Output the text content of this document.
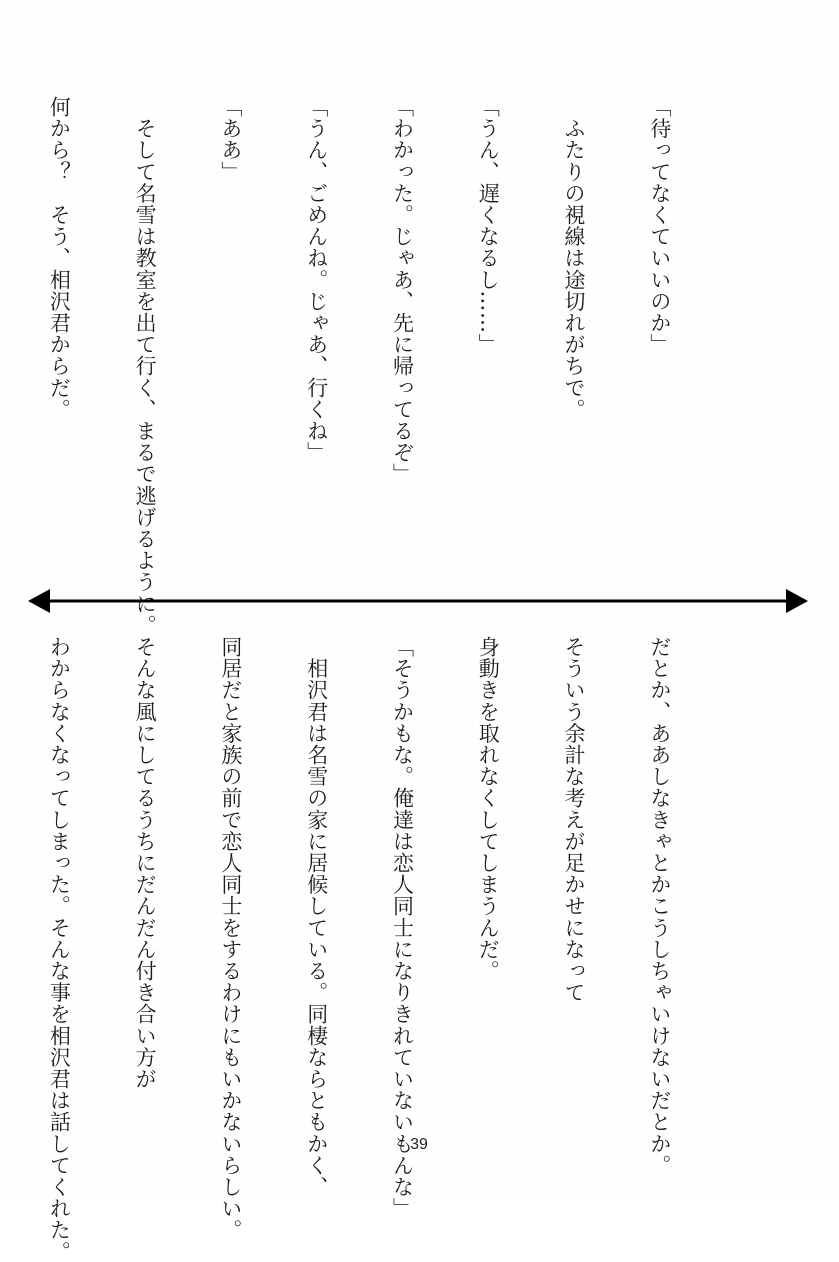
「待ってなくていいのか」

　ふたりの視線は途切れがちで。

「うん、遅くなるし……」

「わかった。じゃあ、先に帰ってるぞ」

「うん、ごめんね。じゃあ、行くね」

「ああ」

　そして名雪は教室を出て行く、まるで逃げるように。

何から？　そう、相沢君からだ。

だとか、ああしなきゃとかこうしちゃいけないだとか。

そういう余計な考えが足かせになって

身動きを取れなくしてしまうんだ。

「そうかもな。俺達は恋人同士になりきれていないもんな」

　相沢君は名雪の家に居候している。同棲ならともかく、

同居だと家族の前で恋人同士をするわけにもいかないらしい。

そんな風にしてるうちにだんだん付き合い方が

わからなくなってしまった。そんな事を相沢君は話してくれた。

	39
